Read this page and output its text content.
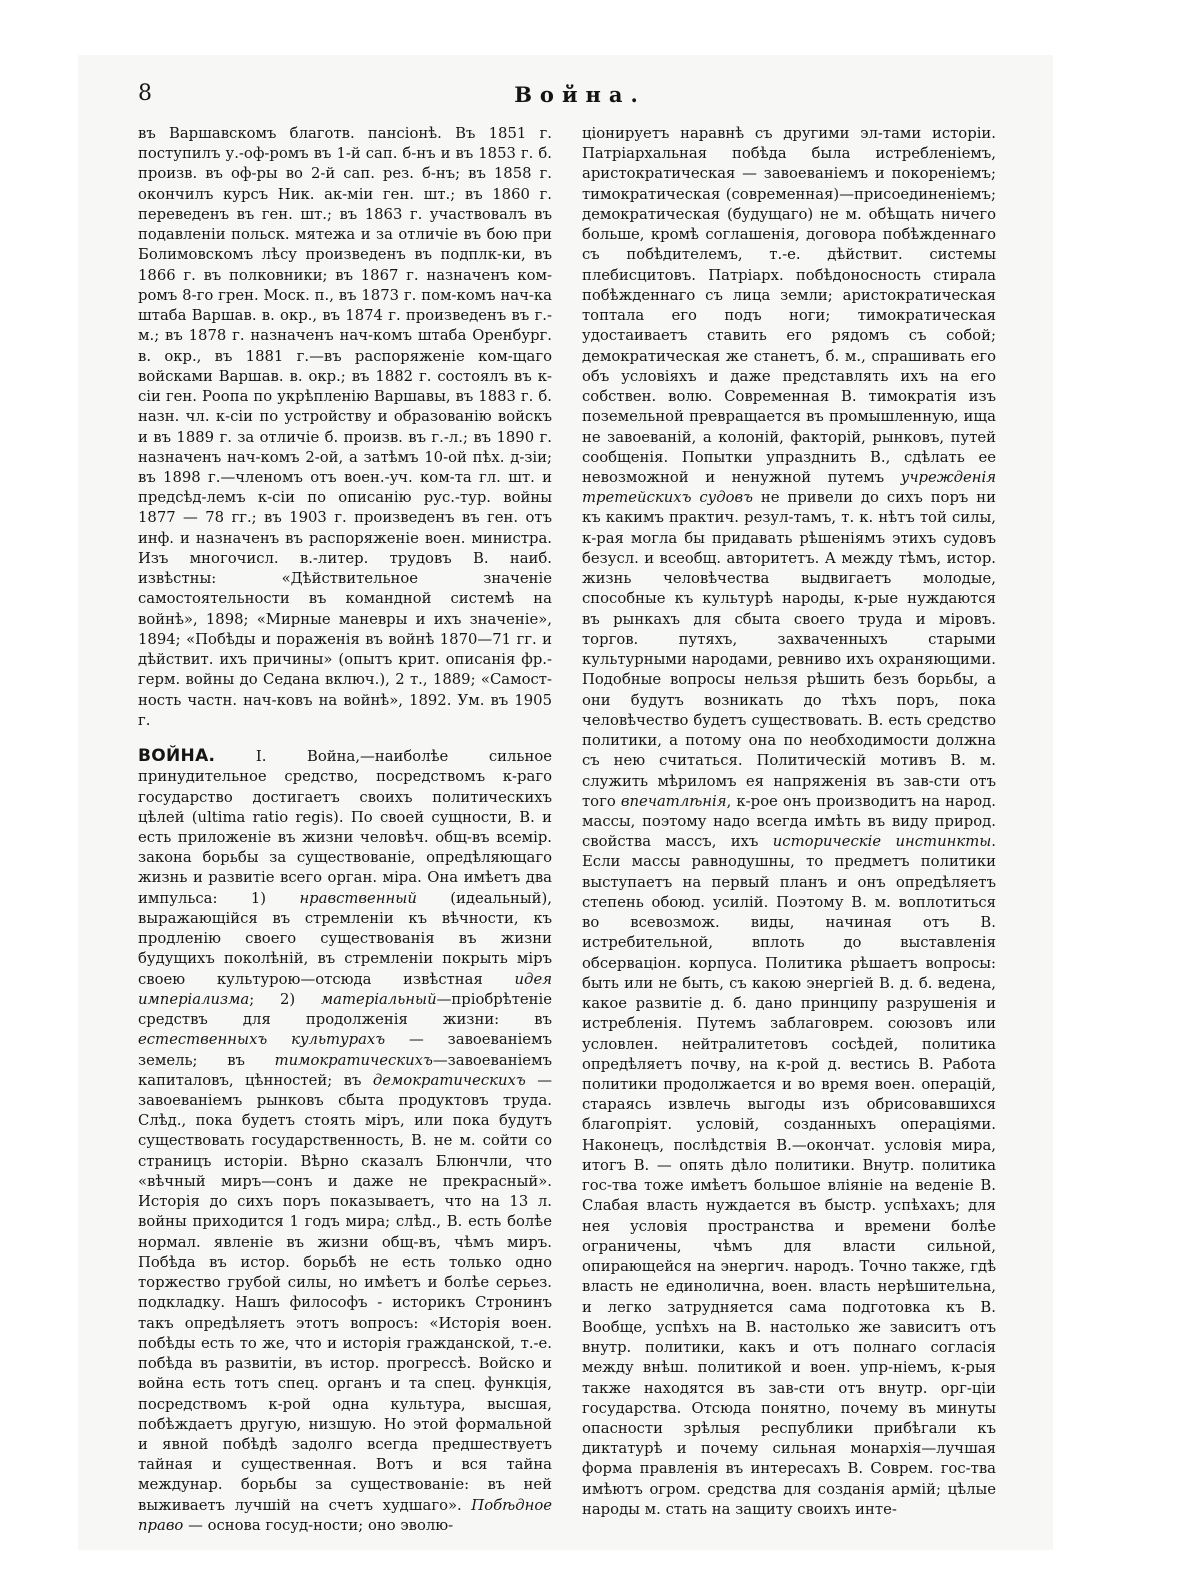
8	Война.

въ Варшавскомъ благотв. пансіонѣ. Въ 1851 г. поступилъ у.-оф-ромъ въ 1-й сап. б-нъ и въ 1853 г. б. произв. въ оф-ры во 2-й сап. рез. б-нъ; въ 1858 г. окончилъ курсъ Ник. ак-міи ген. шт.; въ 1860 г. переведенъ въ ген. шт.; въ 1863 г. участвовалъ въ подавленіи польск. мятежа и за отличіе въ бою при Болимовскомъ лѣсу произведенъ въ подплк-ки, въ 1866 г. въ полковники; въ 1867 г. назначенъ ком-ромъ 8-го грен. Моск. п., въ 1873 г. пом-комъ нач-ка штаба Варшав. в. окр., въ 1874 г. произведенъ въ г.-м.; въ 1878 г. назначенъ нач-комъ штаба Оренбург. в. окр., въ 1881 г.—въ распоряженіе ком-щаго войсками Варшав. в. окр.; въ 1882 г. состоялъ въ к-сіи ген. Роопа по укрѣпленію Варшавы, въ 1883 г. б. назн. чл. к-сіи по устройству и образованію войскъ и въ 1889 г. за отличіе б. произв. въ г.-л.; въ 1890 г. назначенъ нач-комъ 2-ой, а затѣмъ 10-ой пѣх. д-зіи; въ 1898 г.—членомъ отъ воен.-уч. ком-та гл. шт. и предсѣд-лемъ к-сіи по описанію рус.-тур. войны 1877 — 78 гг.; въ 1903 г. произведенъ въ ген. отъ инф. и назначенъ въ распоряженіе воен. министра. Изъ многочисл. в.-литер. трудовъ В. наиб. извѣстны: «Дѣйствительное значеніе самостоятельности въ командной системѣ на войнѣ», 1898; «Мирные маневры и ихъ значеніе», 1894; «Побѣды и пораженія въ войнѣ 1870—71 гг. и дѣйствит. ихъ причины» (опытъ крит. описанія фр.-герм. войны до Седана включ.), 2 т., 1889; «Самост-ность частн. нач-ковъ на войнѣ», 1892. Ум. въ 1905 г.

ВОЙНА. I. Война,—наиболѣе сильное принудительное средство, посредствомъ к-раго государство достигаетъ своихъ политическихъ цѣлей (ultima ratio regis). По своей сущности, В. и есть приложеніе въ жизни человѣч. общ-въ всеміp. закона борьбы за существованіе, опредѣляющаго жизнь и развитіе всего орган. міра. Она имѣетъ два импульса: 1) нравственный (идеальный), выражающійся въ стремленіи къ вѣчности, къ продленію своего существованія въ жизни будущихъ поколѣній, въ стремленіи покрыть міръ своею культурою—отсюда извѣстная идея имперіализма; 2) матеріальный—пріобрѣтеніе средствъ для продолженія жизни: въ естественныхъ культурахъ — завоеваніемъ земель; въ тимократическихъ—завоеваніемъ капиталовъ, цѣнностей; въ демократическихъ — завоеваніемъ рынковъ сбыта продуктовъ труда. Слѣд., пока будетъ стоять міръ, или пока будутъ существовать государственность, В. не м. сойти со страницъ исторіи. Вѣрно сказалъ Блюнчли, что «вѣчный миръ—сонъ и даже не прекрасный». Исторія до сихъ поръ показываетъ, что на 13 л. войны приходится 1 годъ мира; слѣд., В. есть болѣе нормал. явленіе въ жизни общ-въ, чѣмъ миръ. Побѣда въ истор. борьбѣ не есть только одно торжество грубой силы, но имѣетъ и болѣе серьез. подкладку. Нашъ философъ - историкъ Стронинъ такъ опредѣляетъ этотъ вопросъ: «Исторія воен. побѣды есть то же, что и исторія гражданской, т.-е. побѣда въ развитіи, въ истор. прогрессѣ. Войско и война есть тотъ спец. органъ и та спец. функція, посредствомъ к-рой одна культура, высшая, побѣждаетъ другую, низшую. Но этой формальной и явной побѣдѣ задолго всегда предшествуетъ тайная и существенная. Вотъ и вся тайна междунар. борьбы за существованіе: въ ней выживаетъ лучшій на счетъ худшаго». Побѣдное право — основа госуд-ности; оно эволю-

ціонируетъ наравнѣ съ другими эл-тами исторіи. Патріархальная побѣда была истребленіемъ, аристократическая — завоеваніемъ и покореніемъ; тимократическая (современная)—присоединеніемъ; демократическая (будущаго) не м. обѣщать ничего больше, кромѣ соглашенія, договора побѣжденнаго съ побѣдителемъ, т.-е. дѣйствит. системы плебисцитовъ. Патріарх. побѣдоносность стирала побѣжденнаго съ лица земли; аристократическая топтала его подъ ноги; тимократическая удостаиваетъ ставить его рядомъ съ собой; демократическая же станетъ, б. м., спрашивать его объ условіяхъ и даже представлять ихъ на его собствен. волю. Современная В. тимократія изъ поземельной превращается въ промышленную, ища не завоеваній, а колоній, факторій, рынковъ, путей сообщенія. Попытки упразднить В., сдѣлать ее невозможной и ненужной путемъ учрежденія третейскихъ судовъ не привели до сихъ поръ ни къ какимъ практич. резул-тамъ, т. к. нѣтъ той силы, к-рая могла бы придавать рѣшеніямъ этихъ судовъ безусл. и всеобщ. авторитетъ. А между тѣмъ, истор. жизнь человѣчества выдвигаетъ молодые, способные къ культурѣ народы, к-рые нуждаются въ рынкахъ для сбыта своего труда и міровъ. торгов. путяхъ, захваченныхъ старыми культурными народами, ревниво ихъ охраняющими. Подобные вопросы нельзя рѣшить безъ борьбы, а они будутъ возникать до тѣхъ поръ, пока человѣчество будетъ существовать. В. есть средство политики, а потому она по необходимости должна съ нею считаться. Политическій мотивъ В. м. служить мѣриломъ ея напряженія въ зав-сти отъ того впечатлѣнія, к-рое онъ производитъ на народ. массы, поэтому надо всегда имѣть въ виду природ. свойства массъ, ихъ историческіе инстинкты. Если массы равнодушны, то предметъ политики выступаетъ на первый планъ и онъ опредѣляетъ степень обоюд. усилій. Поэтому В. м. воплотиться во всевозмож. виды, начиная отъ В. истребительной, вплоть до выставленія обсерваціон. корпуса. Политика рѣшаетъ вопросы: быть или не быть, съ какою энергіей В. д. б. ведена, какое развитіе д. б. дано принципу разрушенія и истребленія. Путемъ заблаговрем. союзовъ или условлен. нейтралитетовъ сосѣдей, политика опредѣляетъ почву, на к-рой д. вестись В. Работа политики продолжается и во время воен. операцій, стараясь извлечь выгоды изъ обрисовавшихся благопріят. условій, созданныхъ операціями. Наконецъ, послѣдствія В.—окончат. условія мира, итогъ В. — опять дѣло политики. Внутр. политика гос-тва тоже имѣетъ большое вліяніе на веденіе В. Слабая власть нуждается въ быстр. успѣхахъ; для нея условія пространства и времени болѣе ограничены, чѣмъ для власти сильной, опирающейся на энергич. народъ. Точно также, гдѣ власть не единолична, воен. власть нерѣшительна, и легко затрудняется сама подготовка къ В. Вообще, успѣхъ на В. настолько же зависитъ отъ внутр. политики, какъ и отъ полнаго согласія между внѣш. политикой и воен. упр-ніемъ, к-рыя также находятся въ зав-сти отъ внутр. орг-ціи государства. Отсюда понятно, почему въ минуты опасности зрѣлыя республики прибѣгали къ диктатурѣ и почему сильная монархія—лучшая форма правленія въ интересахъ В. Соврем. гос-тва имѣютъ огром. средства для созданія армій; цѣлые народы м. стать на защиту своихъ инте-
